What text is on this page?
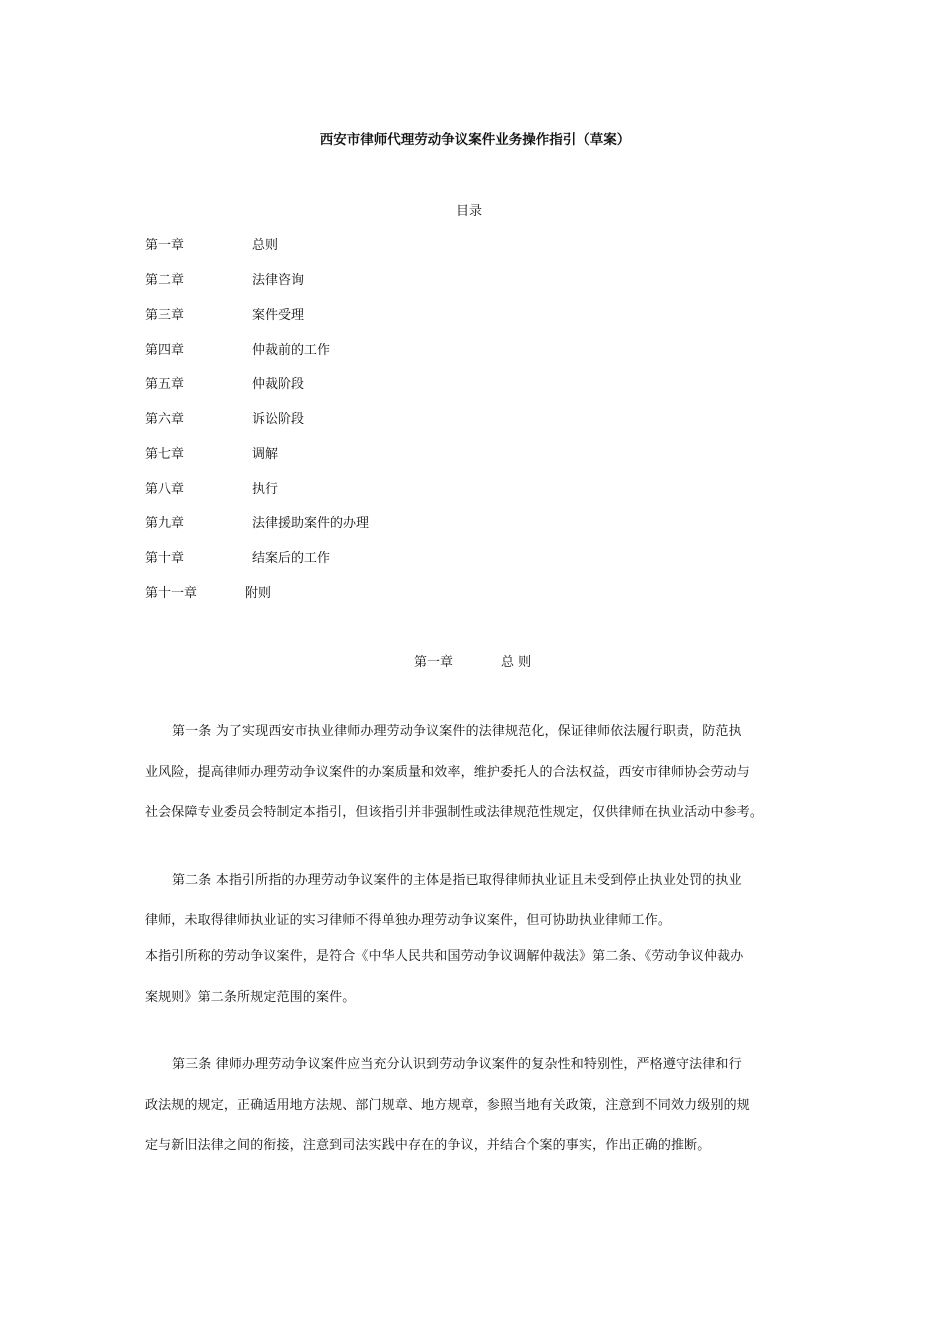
西安市律师代理劳动争议案件业务操作指引（草案）
目录
第一章	总则
第二章	法律咨询
第三章	案件受理
第四章	仲裁前的工作
第五章	仲裁阶段
第六章	诉讼阶段
第七章	调解
第八章	执行
第九章	法律援助案件的办理
第十章	结案后的工作
第十一章	附则
第一章	总 则
第一条 为了实现西安市执业律师办理劳动争议案件的法律规范化，保证律师依法履行职责，防范执
业风险，提高律师办理劳动争议案件的办案质量和效率，维护委托人的合法权益，西安市律师协会劳动与
社会保障专业委员会特制定本指引，但该指引并非强制性或法律规范性规定，仅供律师在执业活动中参考。
第二条 本指引所指的办理劳动争议案件的主体是指已取得律师执业证且未受到停止执业处罚的执业
律师，未取得律师执业证的实习律师不得单独办理劳动争议案件，但可协助执业律师工作。
本指引所称的劳动争议案件，是符合《中华人民共和国劳动争议调解仲裁法》第二条、《劳动争议仲裁办
案规则》第二条所规定范围的案件。
第三条 律师办理劳动争议案件应当充分认识到劳动争议案件的复杂性和特别性，严格遵守法律和行
政法规的规定，正确适用地方法规、部门规章、地方规章，参照当地有关政策，注意到不同效力级别的规
定与新旧法律之间的衔接，注意到司法实践中存在的争议，并结合个案的事实，作出正确的推断。
